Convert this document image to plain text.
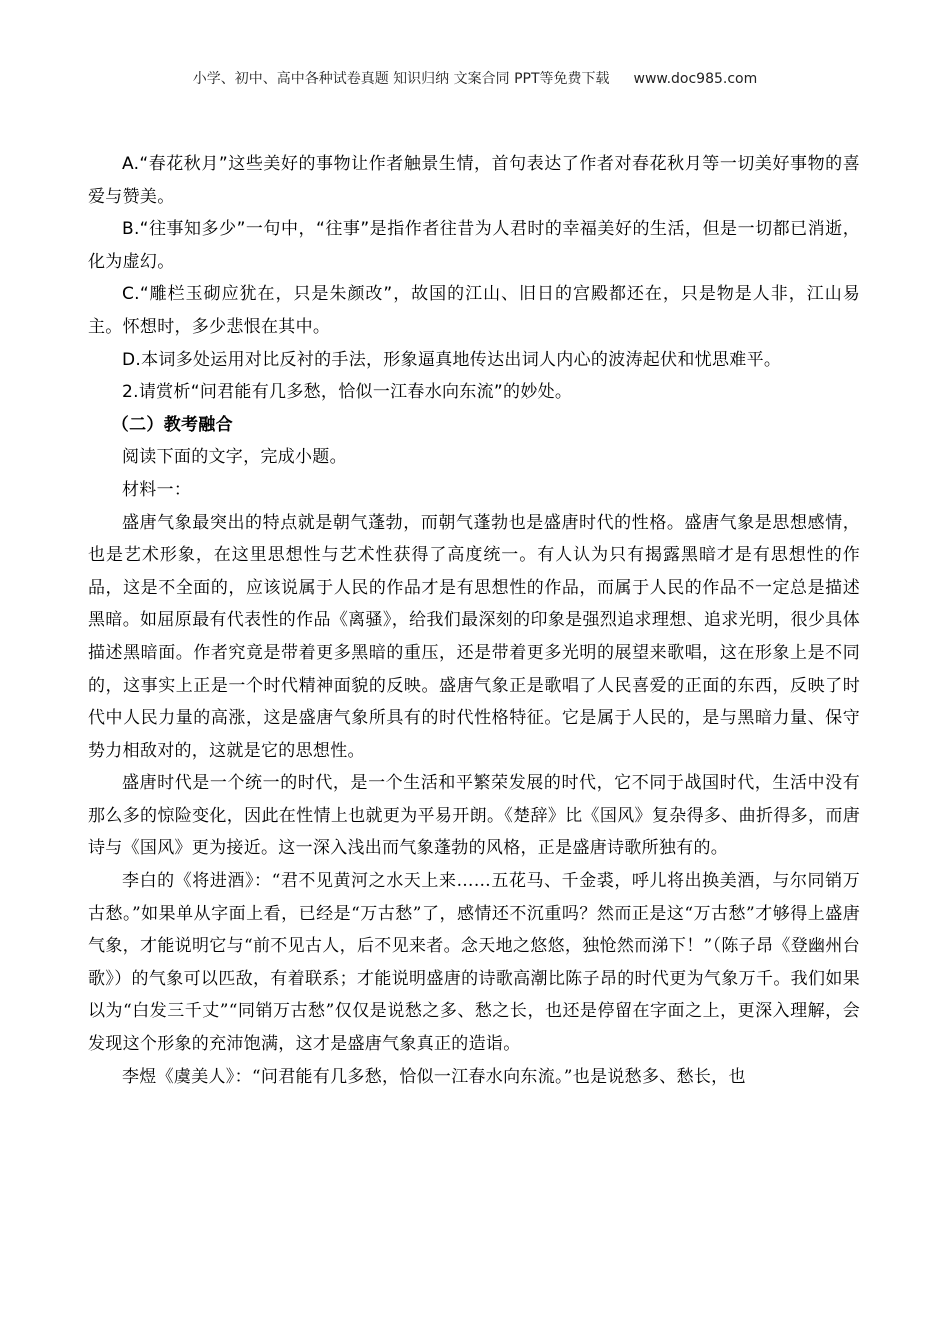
小学、初中、高中各种试卷真题 知识归纳 文案合同 PPT等免费下载 www.doc985.com

A.“春花秋月”这些美好的事物让作者触景生情，首句表达了作者对春花秋月等一切美好事物的喜爱与赞美。

B.“往事知多少”一句中，“往事”是指作者往昔为人君时的幸福美好的生活，但是一切都已消逝，化为虚幻。

C.“雕栏玉砌应犹在，只是朱颜改”，故国的江山、旧日的宫殿都还在，只是物是人非，江山易主。怀想时，多少悲恨在其中。

D.本词多处运用对比反衬的手法，形象逼真地传达出词人内心的波涛起伏和忧思难平。

2.请赏析“问君能有几多愁，恰似一江春水向东流”的妙处。

（二）教考融合

阅读下面的文字，完成小题。

材料一：

盛唐气象最突出的特点就是朝气蓬勃，而朝气蓬勃也是盛唐时代的性格。盛唐气象是思想感情，也是艺术形象，在这里思想性与艺术性获得了高度统一。有人认为只有揭露黑暗才是有思想性的作品，这是不全面的，应该说属于人民的作品才是有思想性的作品，而属于人民的作品不一定总是描述黑暗。如屈原最有代表性的作品《离骚》，给我们最深刻的印象是强烈追求理想、追求光明，很少具体描述黑暗面。作者究竟是带着更多黑暗的重压，还是带着更多光明的展望来歌唱，这在形象上是不同的，这事实上正是一个时代精神面貌的反映。盛唐气象正是歌唱了人民喜爱的正面的东西，反映了时代中人民力量的高涨，这是盛唐气象所具有的时代性格特征。它是属于人民的，是与黑暗力量、保守势力相敌对的，这就是它的思想性。

盛唐时代是一个统一的时代，是一个生活和平繁荣发展的时代，它不同于战国时代，生活中没有那么多的惊险变化，因此在性情上也就更为平易开朗。《楚辞》比《国风》复杂得多、曲折得多，而唐诗与《国风》更为接近。这一深入浅出而气象蓬勃的风格，正是盛唐诗歌所独有的。

李白的《将进酒》：“君不见黄河之水天上来……五花马、千金裘，呼儿将出换美酒，与尔同销万古愁。”如果单从字面上看，已经是“万古愁”了，感情还不沉重吗？然而正是这“万古愁”才够得上盛唐气象，才能说明它与“前不见古人，后不见来者。念天地之悠悠，独怆然而涕下！”（陈子昂《登幽州台歌》）的气象可以匹敌，有着联系；才能说明盛唐的诗歌高潮比陈子昂的时代更为气象万千。我们如果以为“白发三千丈”“同销万古愁”仅仅是说愁之多、愁之长，也还是停留在字面之上，更深入理解，会发现这个形象的充沛饱满，这才是盛唐气象真正的造诣。

李煜《虞美人》：“问君能有几多愁，恰似一江春水向东流。”也是说愁多、愁长，也
